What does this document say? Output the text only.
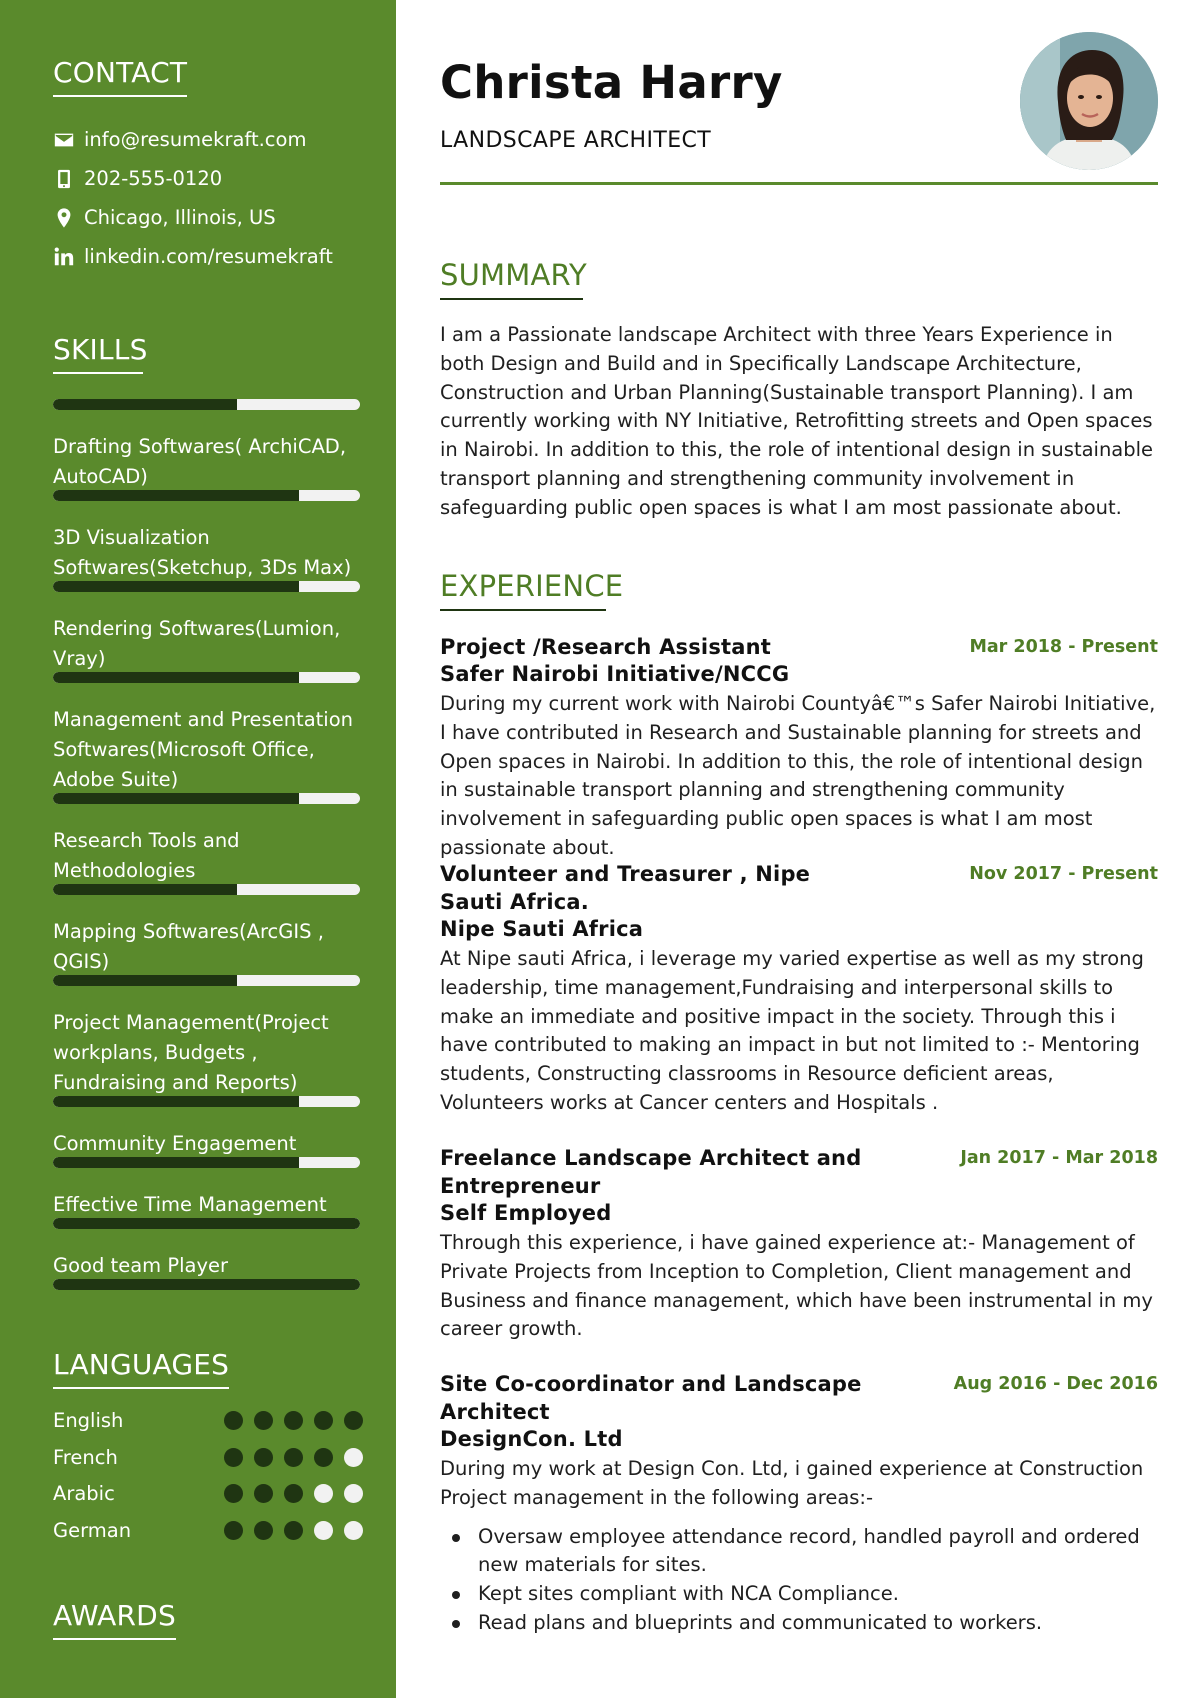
CONTACT
info@resumekraft.com
202-555-0120
Chicago, Illinois, US
linkedin.com/resumekraft
SKILLS
Drafting Softwares( ArchiCAD, AutoCAD)
3D Visualization Softwares(Sketchup, 3Ds Max)
Rendering Softwares(Lumion, Vray)
Management and Presentation Softwares(Microsoft Office, Adobe Suite)
Research Tools and Methodologies
Mapping Softwares(ArcGIS , QGIS)
Project Management(Project workplans, Budgets , Fundraising and Reports)
Community Engagement
Effective Time Management
Good team Player
LANGUAGES
English
French
Arabic
German
AWARDS
Christa Harry
LANDSCAPE ARCHITECT
SUMMARY

I am a Passionate landscape Architect with three Years Experience in both Design and Build and in Specifically Landscape Architecture, Construction and Urban Planning(Sustainable transport Planning). I am currently working with NY Initiative, Retrofitting streets and Open spaces in Nairobi. In addition to this, the role of intentional design in sustainable transport planning and strengthening community involvement in safeguarding public open spaces is what I am most passionate about.

EXPERIENCE
Project /Research Assistant	Mar 2018 - Present
Safer Nairobi Initiative/NCCG

During my current work with Nairobi Countyâ€™s Safer Nairobi Initiative, I have contributed in Research and Sustainable planning for streets and Open spaces in Nairobi. In addition to this, the role of intentional design in sustainable transport planning and strengthening community involvement in safeguarding public open spaces is what I am most passionate about.

Volunteer and Treasurer , Nipe Sauti Africa.
Nov 2017 - Present
Nipe Sauti Africa

At Nipe sauti Africa, i leverage my varied expertise as well as my strong leadership, time management,Fundraising and interpersonal skills to make an immediate and positive impact in the society. Through this i have contributed to making an impact in but not limited to :- Mentoring students, Constructing classrooms in Resource deficient areas, Volunteers works at Cancer centers and Hospitals .

Freelance Landscape Architect and Entrepreneur
Jan 2017 - Mar 2018
Self Employed

Through this experience, i have gained experience at:- Management of Private Projects from Inception to Completion, Client management and Business and finance management, which have been instrumental in my career growth.

Site Co-coordinator and Landscape Architect
Aug 2016 - Dec 2016
DesignCon. Ltd

During my work at Design Con. Ltd, i gained experience at Construction Project management in the following areas:-

Oversaw employee attendance record, handled payroll and ordered new materials for sites.
Kept sites compliant with NCA Compliance.
Read plans and blueprints and communicated to workers.
